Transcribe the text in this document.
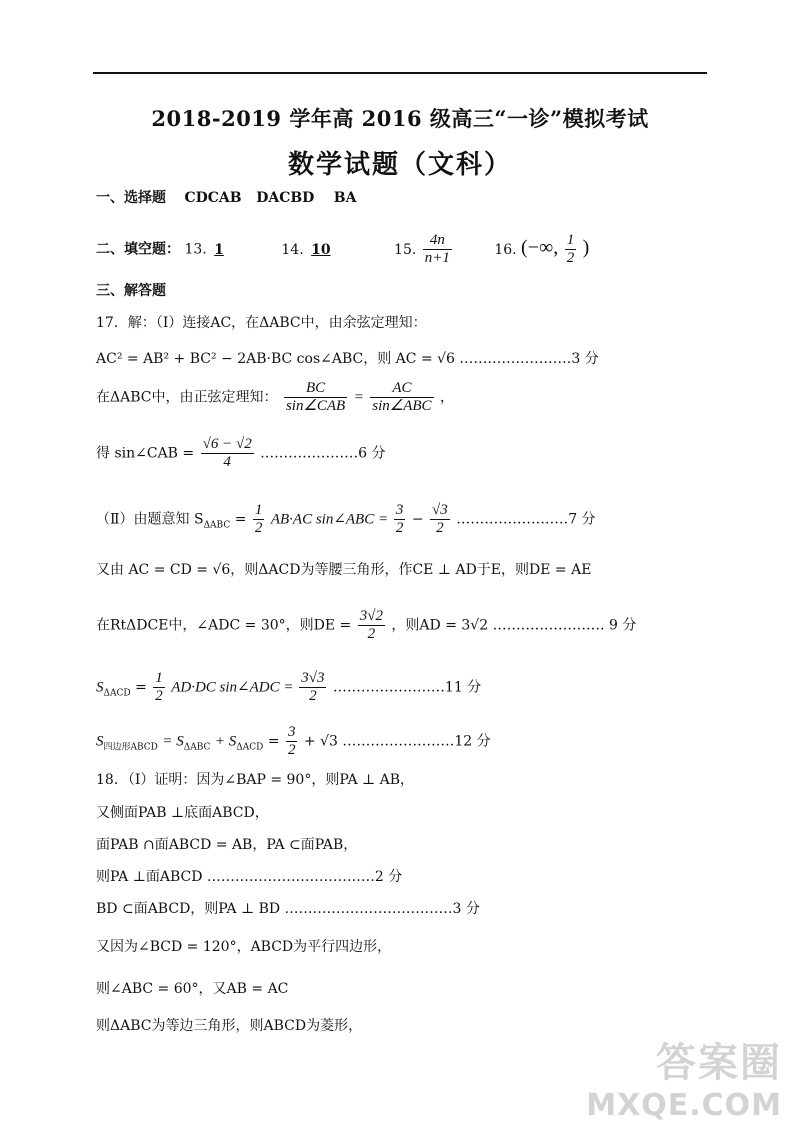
2018-2019 学年高 2016 级高三“一诊”模拟考试
数学试题（文科）
一、选择题 CDCAB   DACBD    BA
二、填空题： 13. 1	14. 10	15. $\frac{4n}{n+1}$	16. (−∞, $\frac{1}{2}$ )
三、解答题
17．解：（Ⅰ）连接AC，在ΔABC中，由余弦定理知：
AC² = AB² + BC² − 2AB·BC cos∠ABC，则 AC = √6 ……………………3 分
在ΔABC中，由正弦定理知： $\frac{BC}{\text{sin∠CAB}} = \frac{AC}{\text{sin∠ABC}}$ ，
得 sin∠CAB = $\frac{√6 - √2}{4}$ …………………6 分
（Ⅱ）由题意知 $S_{\Delta ABC} = \frac{1}{2} AB\cdot AC$ sin∠ABC = $\frac{3}{2} - \frac{√3}{2}$ ……………………7 分
又由 AC = CD = √6，则ΔACD为等腰三角形，作CE ⊥ AD于E，则DE = AE
在RtΔDCE中，∠ADC = 30°，则DE = $\frac{3√2}{2}$ ，则AD = 3√2 …………………… 9 分
$S_{\Delta ACD} = \frac{1}{2} AD\cdot DC$ sin∠ADC = $\frac{3√3}{2}$ ……………………11 分
$S_{四边形ABCD} = S_{\Delta ABC} + S_{\Delta ACD} = \frac{3}{2} + √3$ ……………………12 分
18．（Ⅰ）证明：因为∠BAP = 90°，则PA ⊥ AB，
又侧面PAB ⊥底面ABCD，
面PAB ∩面ABCD = AB，PA ⊂面PAB，
则PA ⊥面ABCD ………………………………2 分
BD ⊂面ABCD，则PA ⊥ BD ………………………………3 分
又因为∠BCD = 120°，ABCD为平行四边形，
则∠ABC = 60°，又AB = AC
则ΔABC为等边三角形，则ABCD为菱形，
答案圈
MXQE.COM
